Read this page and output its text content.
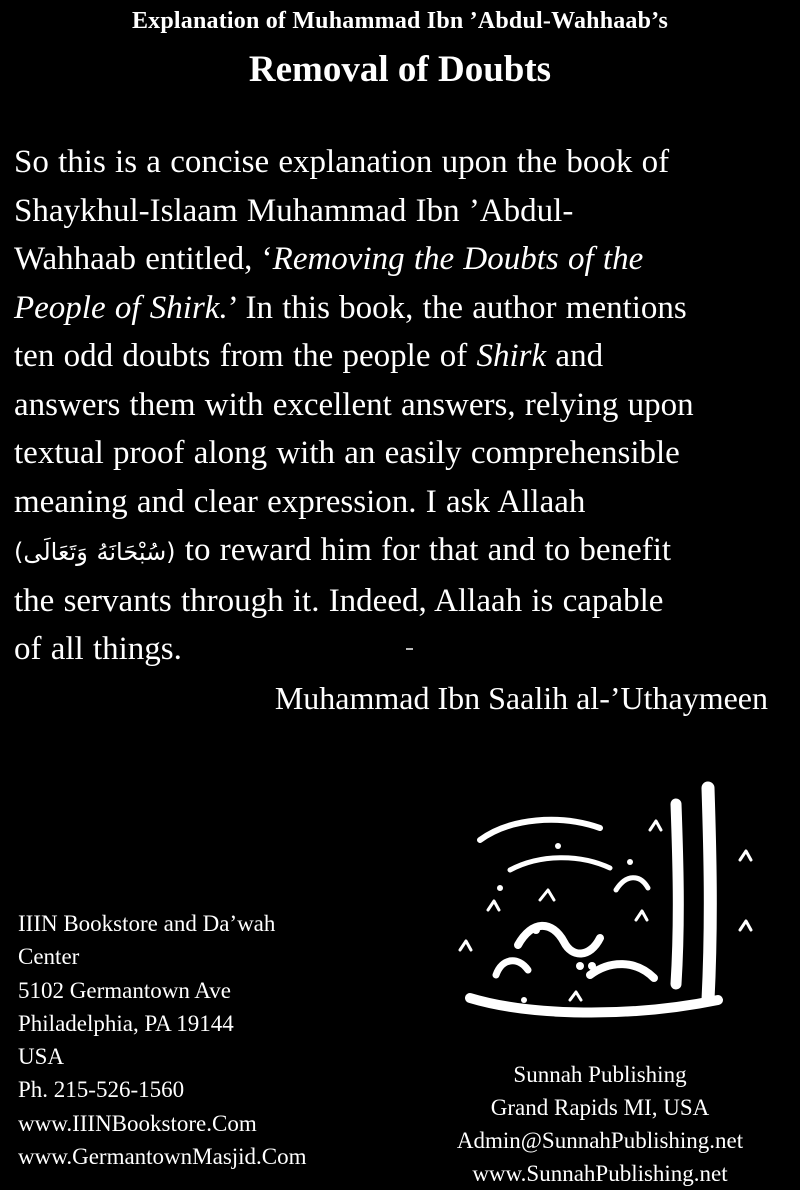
Explanation of Muhammad Ibn ’Abdul-Wahhaab’s
Removal of Doubts
So this is a concise explanation upon the book of
Shaykhul-Islaam Muhammad Ibn ’Abdul-
Wahhaab entitled, ‘Removing the Doubts of the
People of Shirk.’ In this book, the author mentions
ten odd doubts from the people of Shirk and
answers them with excellent answers, relying upon
textual proof along with an easily comprehensible
meaning and clear expression. I ask Allaah
(سُبْحَانَهُ وَتَعَالَى) to reward him for that and to benefit
the servants through it. Indeed, Allaah is capable
of all things.
Muhammad Ibn Saalih al-’Uthaymeen
IIIN Bookstore and Da’wah
Center
5102 Germantown Ave
Philadelphia, PA 19144
USA
Ph. 215-526-1560
www.IIINBookstore.Com
www.GermantownMasjid.Com
Sunnah Publishing
Grand Rapids MI, USA
Admin@SunnahPublishing.net
www.SunnahPublishing.net
